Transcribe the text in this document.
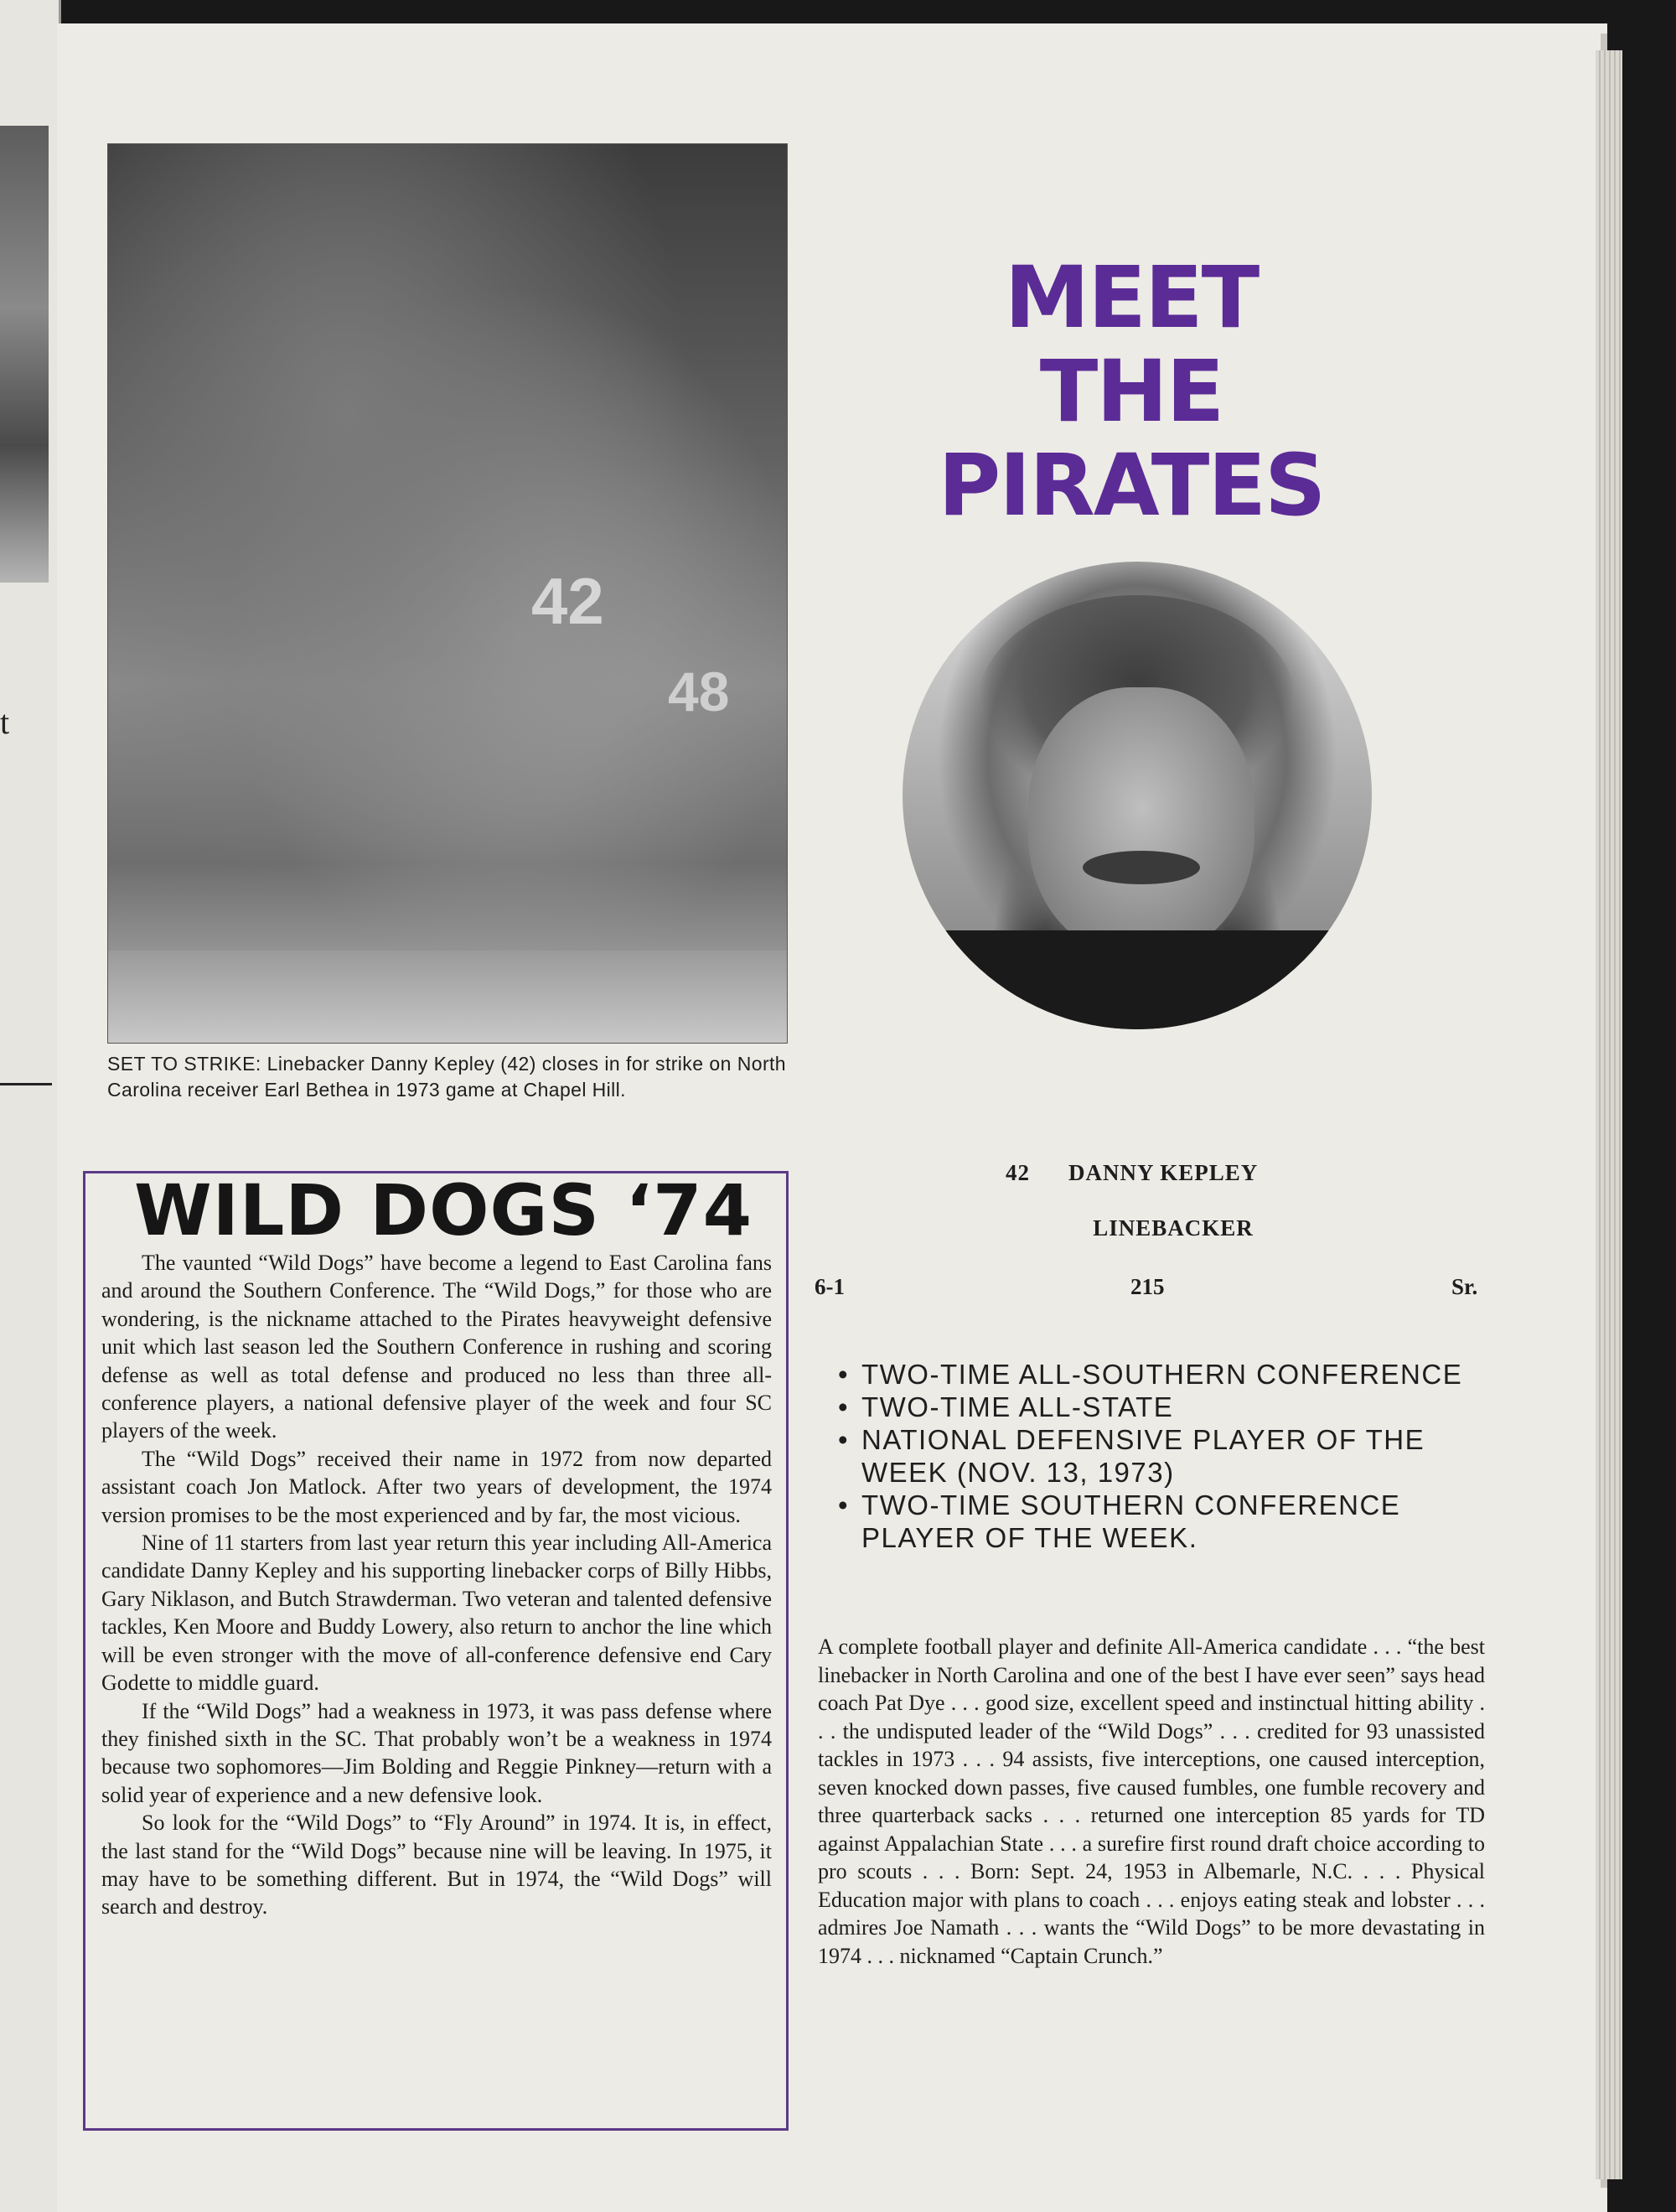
t
42
48
SET TO STRIKE: Linebacker Danny Kepley (42) closes in for strike on North Carolina receiver Earl Bethea in 1973 game at Chapel Hill.
MEET THE
PIRATES
42 DANNY KEPLEY
LINEBACKER
6-1	215	Sr.
• TWO-TIME ALL-SOUTHERN CONFERENCE
• TWO-TIME ALL-STATE
• NATIONAL DEFENSIVE PLAYER OF THE WEEK (NOV. 13, 1973)
• TWO-TIME SOUTHERN CONFERENCE PLAYER OF THE WEEK.
A complete football player and definite All-America candidate . . . “the best linebacker in North Carolina and one of the best I have ever seen” says head coach Pat Dye . . . good size, excellent speed and instinctual hitting ability . . . the undisputed leader of the “Wild Dogs” . . . credited for 93 unassisted tackles in 1973 . . . 94 assists, five interceptions, one caused interception, seven knocked down passes, five caused fumbles, one fumble recovery and three quarterback sacks . . . returned one interception 85 yards for TD against Appalachian State . . . a surefire first round draft choice according to pro scouts . . . Born: Sept. 24, 1953 in Albemarle, N.C. . . . Physical Education major with plans to coach . . . enjoys eating steak and lobster . . . admires Joe Namath . . . wants the “Wild Dogs” to be more devastating in 1974 . . . nicknamed “Captain Crunch.”
WILD DOGS ‘74

The vaunted “Wild Dogs” have become a legend to East Carolina fans and around the Southern Conference. The “Wild Dogs,” for those who are wondering, is the nickname attached to the Pirates heavyweight defensive unit which last season led the Southern Conference in rushing and scoring defense as well as total defense and produced no less than three all-conference players, a national defensive player of the week and four SC players of the week.

The “Wild Dogs” received their name in 1972 from now departed assistant coach Jon Matlock. After two years of development, the 1974 version promises to be the most experienced and by far, the most vicious.

Nine of 11 starters from last year return this year including All-America candidate Danny Kepley and his supporting linebacker corps of Billy Hibbs, Gary Niklason, and Butch Strawderman. Two veteran and talented defensive tackles, Ken Moore and Buddy Lowery, also return to anchor the line which will be even stronger with the move of all-conference defensive end Cary Godette to middle guard.

If the “Wild Dogs” had a weakness in 1973, it was pass defense where they finished sixth in the SC. That probably won’t be a weakness in 1974 because two sophomores—Jim Bolding and Reggie Pinkney—return with a solid year of experience and a new defensive look.

So look for the “Wild Dogs” to “Fly Around” in 1974. It is, in effect, the last stand for the “Wild Dogs” because nine will be leaving. In 1975, it may have to be something different. But in 1974, the “Wild Dogs” will search and destroy.
